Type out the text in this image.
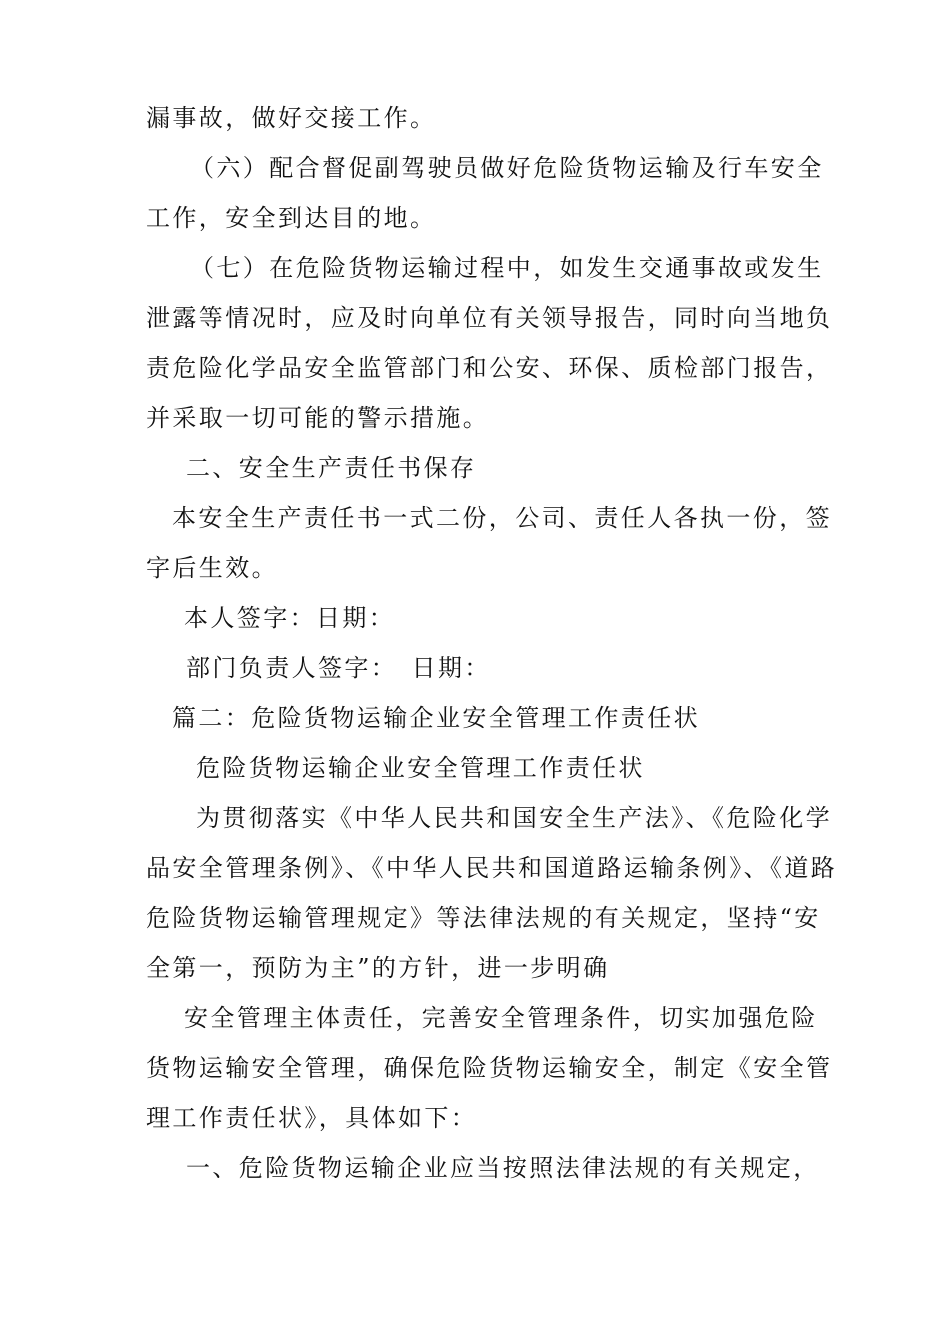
漏事故，做好交接工作。
（六）配合督促副驾驶员做好危险货物运输及行车安全
工作，安全到达目的地。
（七）在危险货物运输过程中，如发生交通事故或发生
泄露等情况时，应及时向单位有关领导报告，同时向当地负
责危险化学品安全监管部门和公安、环保、质检部门报告，
并采取一切可能的警示措施。
二、安全生产责任书保存
本安全生产责任书一式二份，公司、责任人各执一份，签
字后生效。
本人签字：日期：
部门负责人签字：　日期：
篇二：危险货物运输企业安全管理工作责任状
危险货物运输企业安全管理工作责任状
为贯彻落实《中华人民共和国安全生产法》、《危险化学
品安全管理条例》、《中华人民共和国道路运输条例》、《道路
危险货物运输管理规定》等法律法规的有关规定，坚持“安
全第一，预防为主”的方针，进一步明确
安全管理主体责任，完善安全管理条件，切实加强危险
货物运输安全管理，确保危险货物运输安全，制定《安全管
理工作责任状》，具体如下：
一、危险货物运输企业应当按照法律法规的有关规定，
